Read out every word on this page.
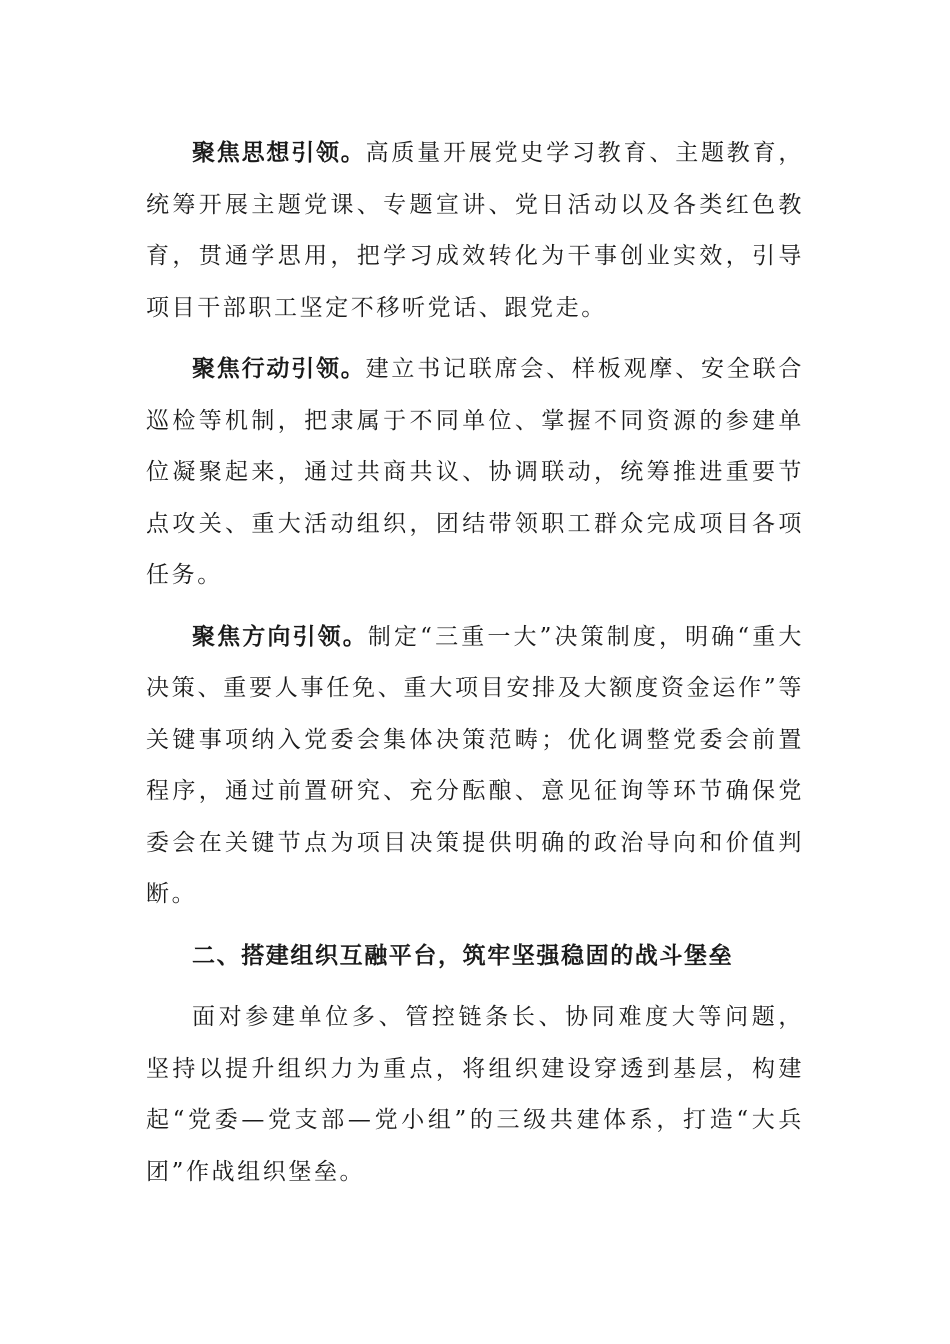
聚焦思想引领。高质量开展党史学习教育、主题教育，统筹开展主题党课、专题宣讲、党日活动以及各类红色教育，贯通学思用，把学习成效转化为干事创业实效，引导项目干部职工坚定不移听党话、跟党走。

聚焦行动引领。建立书记联席会、样板观摩、安全联合巡检等机制，把隶属于不同单位、掌握不同资源的参建单位凝聚起来，通过共商共议、协调联动，统筹推进重要节点攻关、重大活动组织，团结带领职工群众完成项目各项任务。

聚焦方向引领。制定“三重一大”决策制度，明确“重大决策、重要人事任免、重大项目安排及大额度资金运作”等关键事项纳入党委会集体决策范畴；优化调整党委会前置程序，通过前置研究、充分酝酿、意见征询等环节确保党委会在关键节点为项目决策提供明确的政治导向和价值判断。

二、搭建组织互融平台，筑牢坚强稳固的战斗堡垒

面对参建单位多、管控链条长、协同难度大等问题，坚持以提升组织力为重点，将组织建设穿透到基层，构建起“党委—党支部—党小组”的三级共建体系，打造“大兵团”作战组织堡垒。
